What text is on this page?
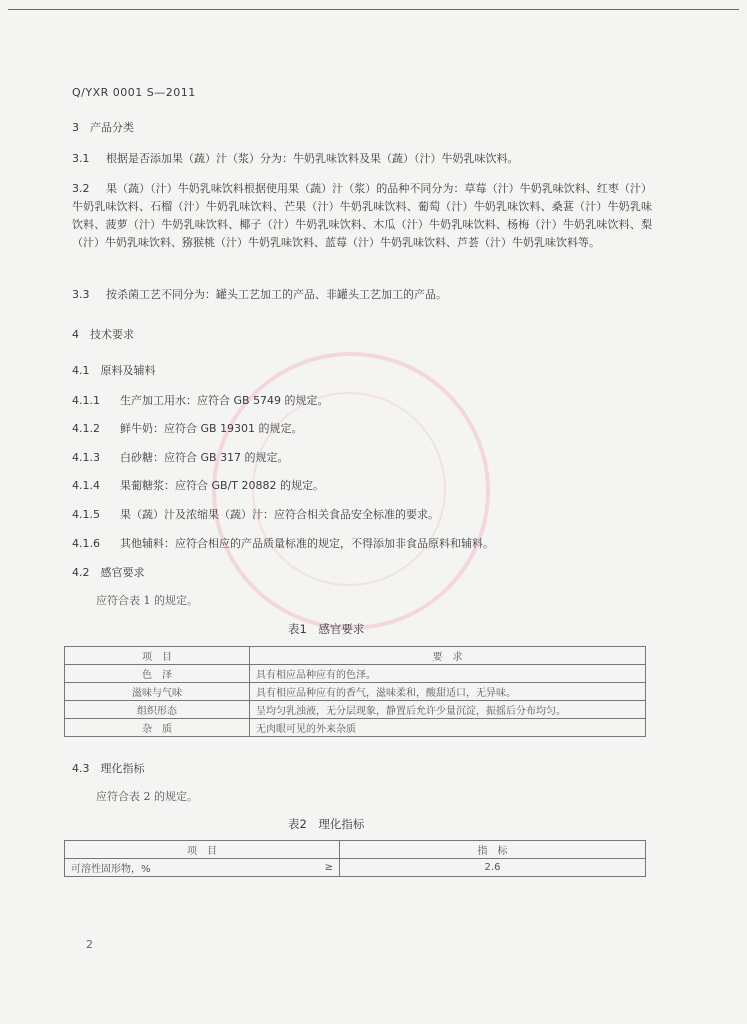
Q/YXR 0001 S—2011
3　产品分类
3.1 根据是否添加果（蔬）汁（浆）分为：牛奶乳味饮料及果（蔬）（汁）牛奶乳味饮料。
3.2 果（蔬）（汁）牛奶乳味饮料根据使用果（蔬）汁（浆）的品种不同分为：草莓（汁）牛奶乳味饮料、红枣（汁）牛奶乳味饮料、石榴（汁）牛奶乳味饮料、芒果（汁）牛奶乳味饮料、葡萄（汁）牛奶乳味饮料、桑葚（汁）牛奶乳味饮料、菠萝（汁）牛奶乳味饮料、椰子（汁）牛奶乳味饮料、木瓜（汁）牛奶乳味饮料、杨梅（汁）牛奶乳味饮料、梨（汁）牛奶乳味饮料、猕猴桃（汁）牛奶乳味饮料、蓝莓（汁）牛奶乳味饮料、芦荟（汁）牛奶乳味饮料等。
3.3 按杀菌工艺不同分为：罐头工艺加工的产品、非罐头工艺加工的产品。
4　技术要求
4.1　原料及辅料
4.1.1 生产加工用水：应符合 GB 5749 的规定。
4.1.2 鲜牛奶：应符合 GB 19301 的规定。
4.1.3 白砂糖：应符合 GB 317 的规定。
4.1.4 果葡糖浆：应符合 GB/T 20882 的规定。
4.1.5 果（蔬）汁及浓缩果（蔬）汁：应符合相关食品安全标准的要求。
4.1.6 其他辅料：应符合相应的产品质量标准的规定，不得添加非食品原料和辅料。
4.2　感官要求
应符合表 1 的规定。
表1　感官要求
项　目	要　求
色　泽	具有相应品种应有的色泽。
滋味与气味	具有相应品种应有的香气，滋味柔和，酸甜适口，无异味。
组织形态	呈均匀乳浊液，无分层现象，静置后允许少量沉淀，振摇后分布均匀。
杂　质	无肉眼可见的外来杂质
4.3　理化指标
应符合表 2 的规定。
表2　理化指标
项　目		指　标
可溶性固形物，%	≥	2.6
2
